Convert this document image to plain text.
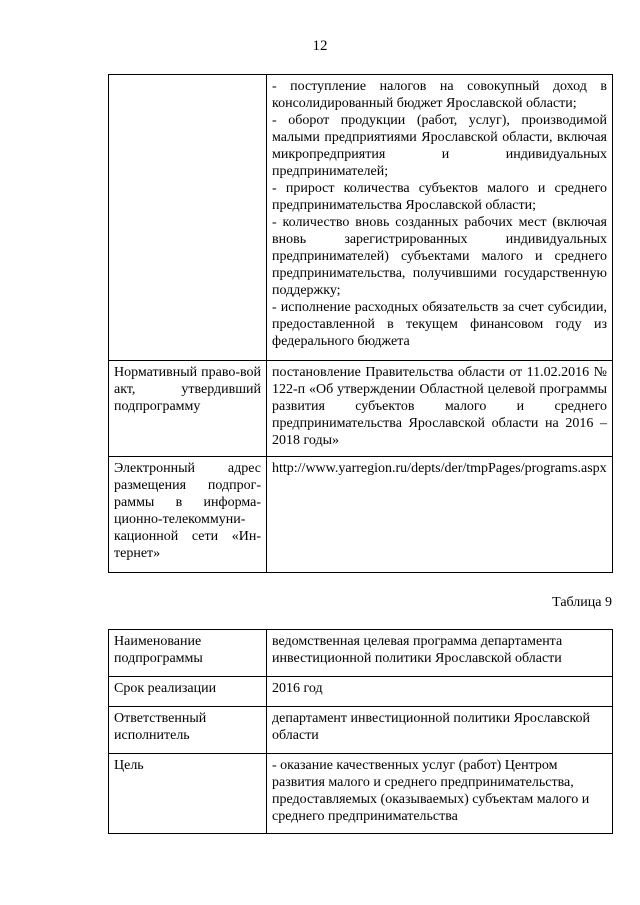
12

	- поступление налогов на совокупный доход в консолидированный бюджет Ярославской области;
- оборот продукции (работ, услуг), производимой малыми предприятиями Ярославской области, включая микропредприятия и индивидуальных предпринимателей;
- прирост количества субъектов малого и среднего предпринимательства Ярославской области;
- количество вновь созданных рабочих мест (включая вновь зарегистрированных индивидуальных предпринимателей) субъектами малого и среднего предпринимательства, получившими государственную поддержку;
- исполнение расходных обязательств за счет субсидии, предоставленной в текущем финансовом году из федерального бюджета

Нормативный право-вой акт, утвердивший подпрограмму	постановление Правительства области от 11.02.2016 № 122-п «Об утверждении Областной целевой программы развития субъектов малого и среднего предпринимательства Ярославской области на 2016 – 2018 годы»
Электронный адрес размещения подпрог-раммы в информа-ционно-телекоммуни-кационной сети «Ин-тернет»	http://www.yarregion.ru/depts/der/tmpPages/programs.aspx
Таблица 9
Наименование подпрограммы	ведомственная целевая программа департамента инвестиционной политики Ярославской области
Срок реализации	2016 год
Ответственный исполнитель	департамент инвестиционной политики Ярославской области
Цель	- оказание качественных услуг (работ) Центром развития малого и среднего предпринимательства, предоставляемых (оказываемых) субъектам малого и среднего предпринимательства
